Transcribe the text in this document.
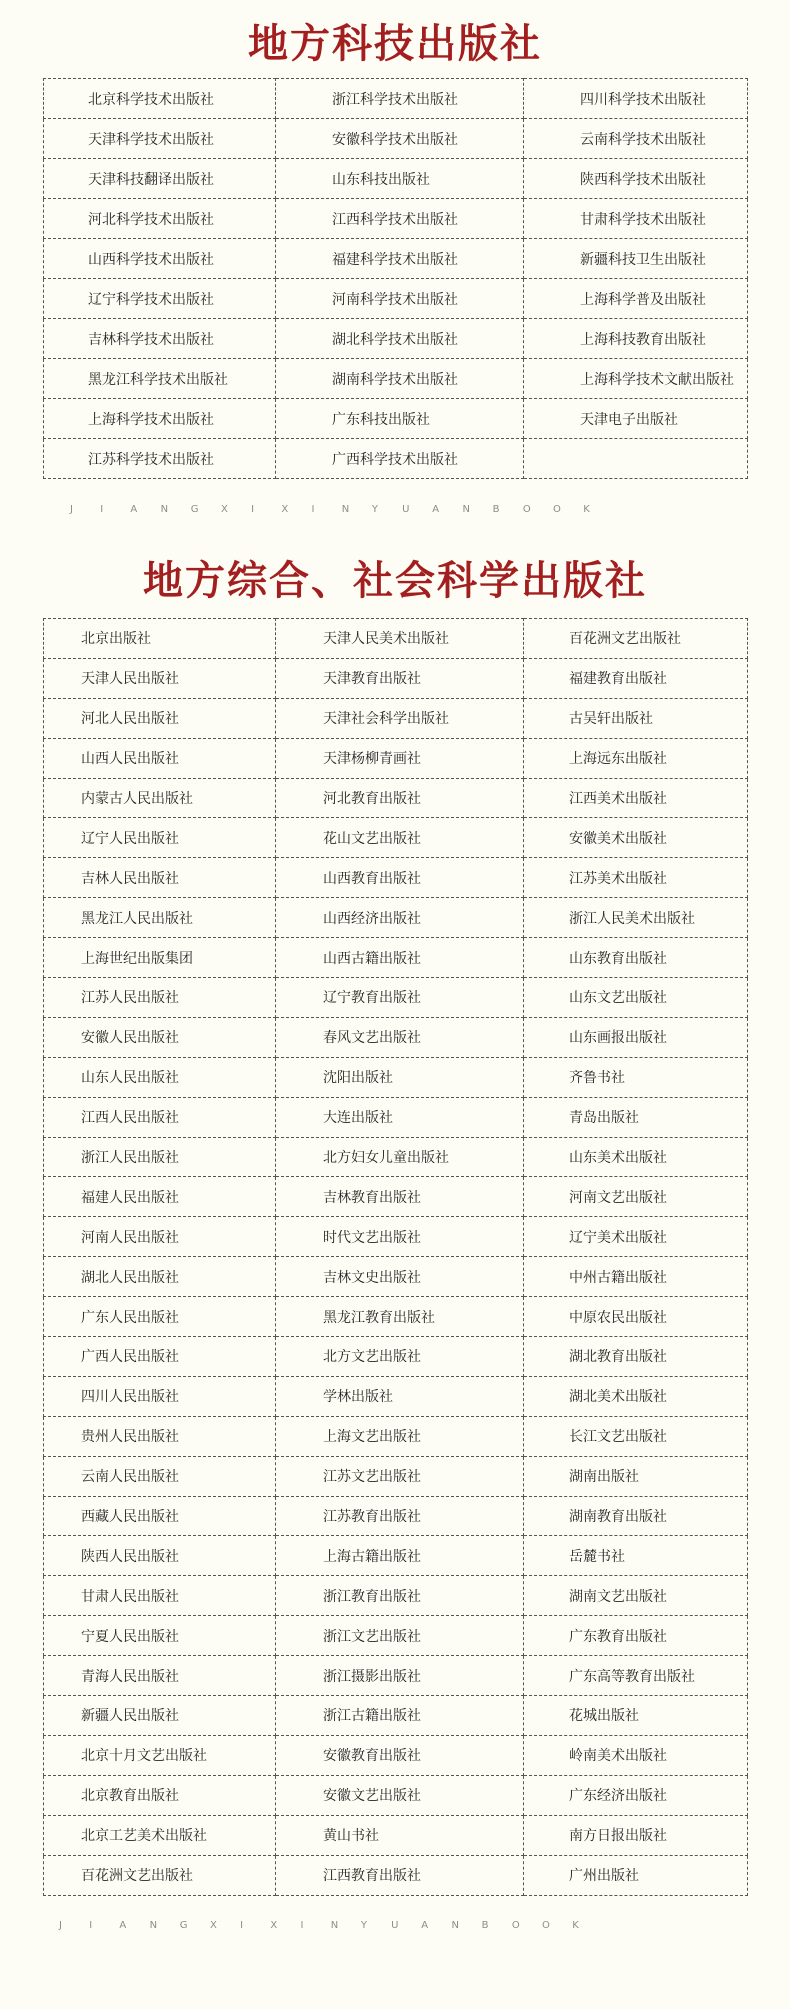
地方科技出版社
北京科学技术出版社	浙江科学技术出版社	四川科学技术出版社
天津科学技术出版社	安徽科学技术出版社	云南科学技术出版社
天津科技翻译出版社	山东科技出版社	陕西科学技术出版社
河北科学技术出版社	江西科学技术出版社	甘肃科学技术出版社
山西科学技术出版社	福建科学技术出版社	新疆科技卫生出版社
辽宁科学技术出版社	河南科学技术出版社	上海科学普及出版社
吉林科学技术出版社	湖北科学技术出版社	上海科技教育出版社
黑龙江科学技术出版社	湖南科学技术出版社	上海科学技术文献出版社
上海科学技术出版社	广东科技出版社	天津电子出版社
江苏科学技术出版社	广西科学技术出版社	
J	I	A N G X I	X I	N Y U A N B O O K
地方综合、社会科学出版社
北京出版社	天津人民美术出版社	百花洲文艺出版社
天津人民出版社	天津教育出版社	福建教育出版社
河北人民出版社	天津社会科学出版社	古吴轩出版社
山西人民出版社	天津杨柳青画社	上海远东出版社
内蒙古人民出版社	河北教育出版社	江西美术出版社
辽宁人民出版社	花山文艺出版社	安徽美术出版社
吉林人民出版社	山西教育出版社	江苏美术出版社
黑龙江人民出版社	山西经济出版社	浙江人民美术出版社
上海世纪出版集团	山西古籍出版社	山东教育出版社
江苏人民出版社	辽宁教育出版社	山东文艺出版社
安徽人民出版社	春风文艺出版社	山东画报出版社
山东人民出版社	沈阳出版社	齐鲁书社
江西人民出版社	大连出版社	青岛出版社
浙江人民出版社	北方妇女儿童出版社	山东美术出版社
福建人民出版社	吉林教育出版社	河南文艺出版社
河南人民出版社	时代文艺出版社	辽宁美术出版社
湖北人民出版社	吉林文史出版社	中州古籍出版社
广东人民出版社	黑龙江教育出版社	中原农民出版社
广西人民出版社	北方文艺出版社	湖北教育出版社
四川人民出版社	学林出版社	湖北美术出版社
贵州人民出版社	上海文艺出版社	长江文艺出版社
云南人民出版社	江苏文艺出版社	湖南出版社
西藏人民出版社	江苏教育出版社	湖南教育出版社
陕西人民出版社	上海古籍出版社	岳麓书社
甘肃人民出版社	浙江教育出版社	湖南文艺出版社
宁夏人民出版社	浙江文艺出版社	广东教育出版社
青海人民出版社	浙江摄影出版社	广东高等教育出版社
新疆人民出版社	浙江古籍出版社	花城出版社
北京十月文艺出版社	安徽教育出版社	岭南美术出版社
北京教育出版社	安徽文艺出版社	广东经济出版社
北京工艺美术出版社	黄山书社	南方日报出版社
百花洲文艺出版社	江西教育出版社	广州出版社
J	I	A N G X I	X I	N Y U A N B O O K
